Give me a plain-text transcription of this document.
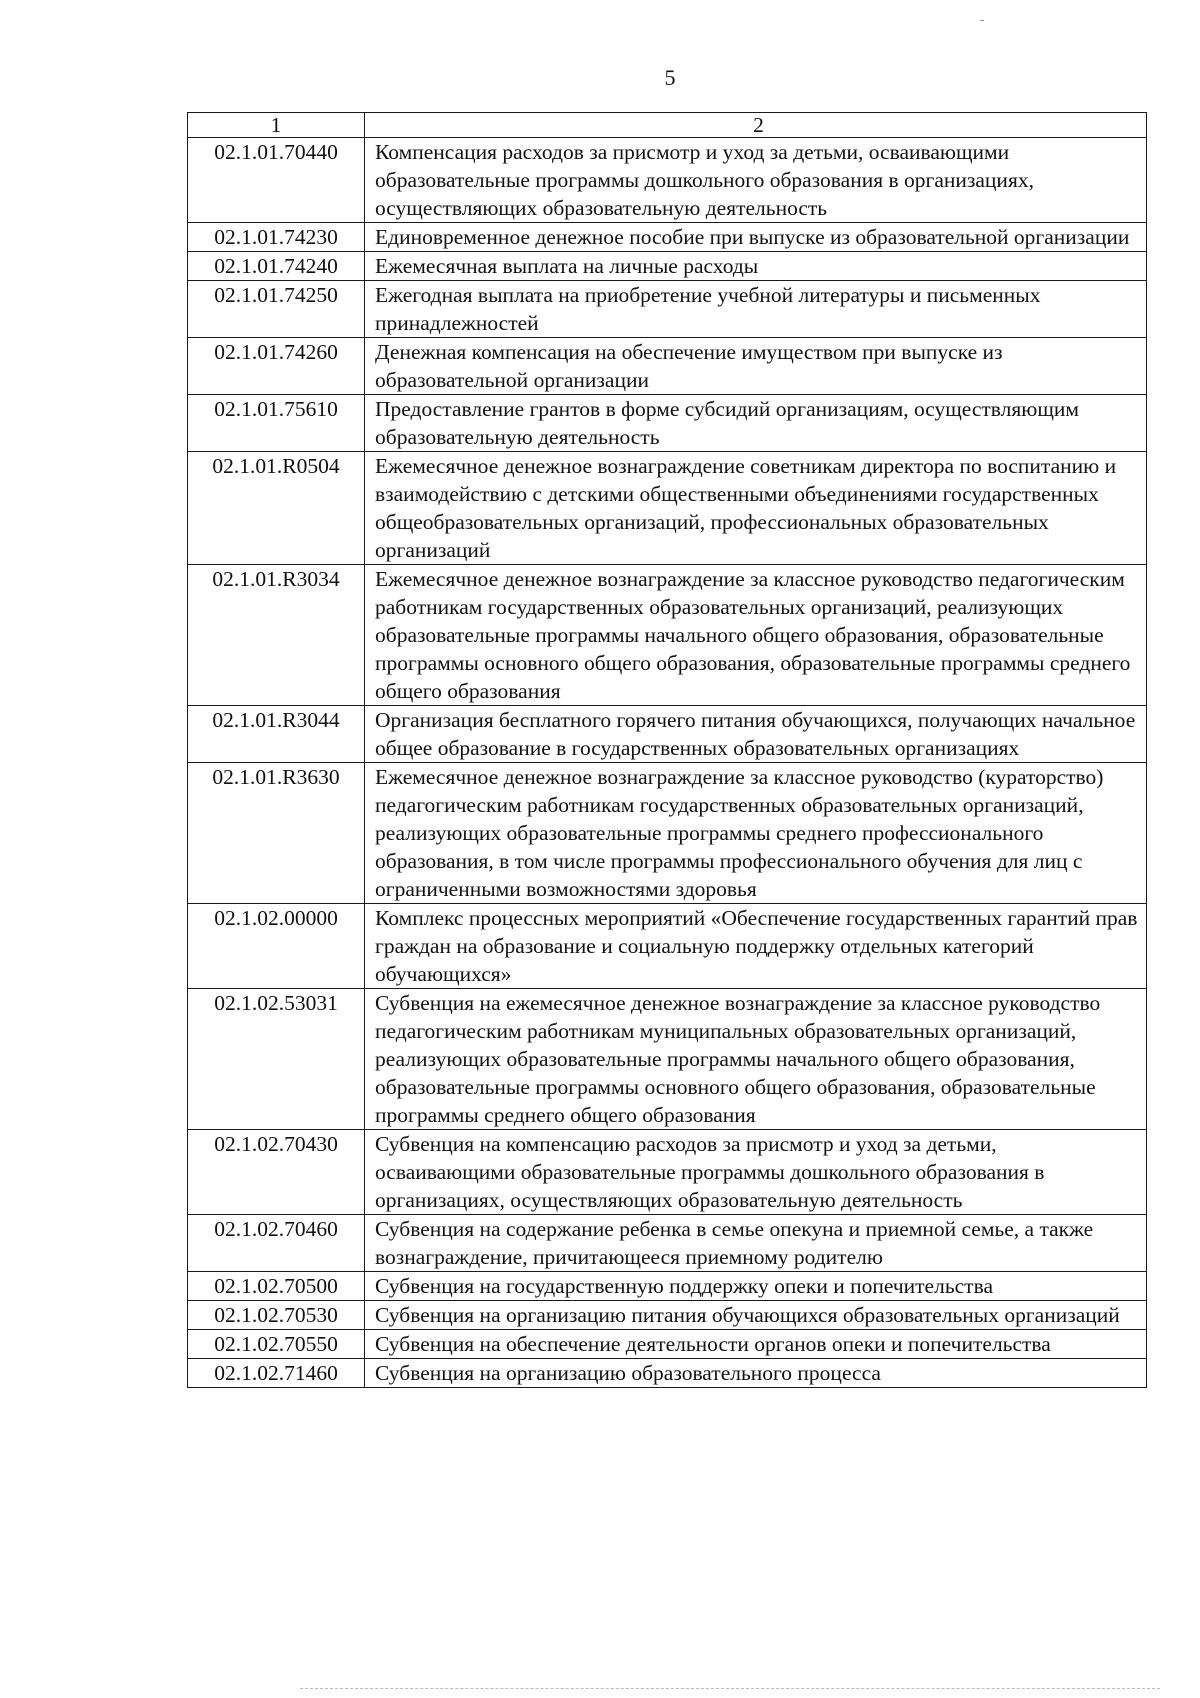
5
1	2
02.1.01.70440	Компенсация расходов за присмотр и уход за детьми, осваивающими образовательные программы дошкольного образования в организациях, осуществляющих образовательную деятельность
02.1.01.74230	Единовременное денежное пособие при выпуске из образовательной организации
02.1.01.74240	Ежемесячная выплата на личные расходы
02.1.01.74250	Ежегодная выплата на приобретение учебной литературы и письменных принадлежностей
02.1.01.74260	Денежная компенсация на обеспечение имуществом при выпуске из образовательной организации
02.1.01.75610	Предоставление грантов в форме субсидий организациям, осуществляющим образовательную деятельность
02.1.01.R0504	Ежемесячное денежное вознаграждение советникам директора по воспитанию и взаимодействию с детскими общественными объединениями государственных общеобразовательных организаций, профессиональных образовательных организаций
02.1.01.R3034	Ежемесячное денежное вознаграждение за классное руководство педагогическим работникам государственных образовательных организаций, реализующих образовательные программы начального общего образования, образовательные программы основного общего образования, образовательные программы среднего общего образования
02.1.01.R3044	Организация бесплатного горячего питания обучающихся, получающих начальное общее образование в государственных образовательных организациях
02.1.01.R3630	Ежемесячное денежное вознаграждение за классное руководство (кураторство) педагогическим работникам государственных образовательных организаций, реализующих образовательные программы среднего профессионального образования, в том числе программы профессионального обучения для лиц с ограниченными возможностями здоровья
02.1.02.00000	Комплекс процессных мероприятий «Обеспечение государственных гарантий прав граждан на образование и социальную поддержку отдельных категорий обучающихся»
02.1.02.53031	Субвенция на ежемесячное денежное вознаграждение за классное руководство педагогическим работникам муниципальных образовательных организаций, реализующих образовательные программы начального общего образования, образовательные программы основного общего образования, образовательные программы среднего общего образования
02.1.02.70430	Субвенция на компенсацию расходов за присмотр и уход за детьми, осваивающими образовательные программы дошкольного образования в организациях, осуществляющих образовательную деятельность
02.1.02.70460	Субвенция на содержание ребенка в семье опекуна и приемной семье, а также вознаграждение, причитающееся приемному родителю
02.1.02.70500	Субвенция на государственную поддержку опеки и попечительства
02.1.02.70530	Субвенция на организацию питания обучающихся образовательных организаций
02.1.02.70550	Субвенция на обеспечение деятельности органов опеки и попечительства
02.1.02.71460	Субвенция на организацию образовательного процесса
